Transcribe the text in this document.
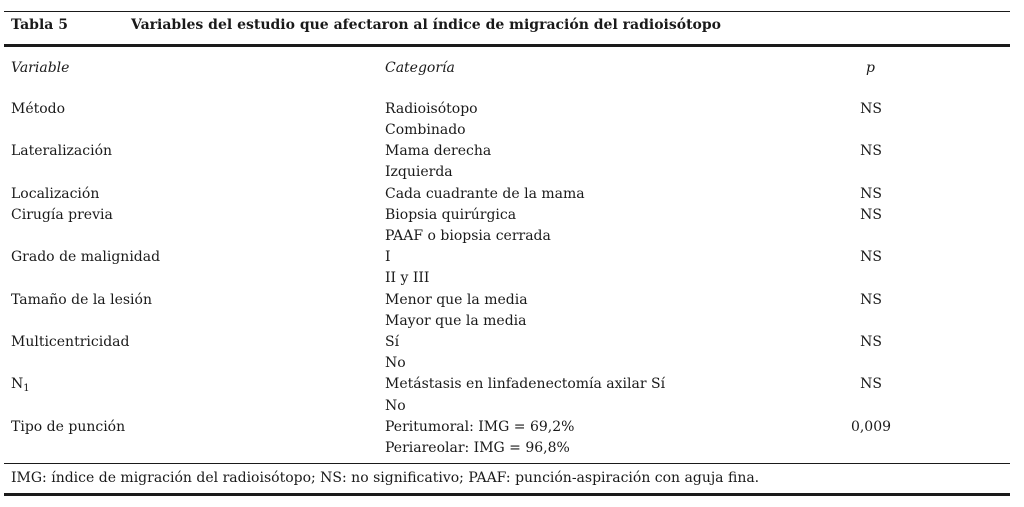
Tabla 5	Variables del estudio que afectaron al índice de migración del radioisótopo
Variable	Categoría	p
Método	Radioisótopo	NS
Combinado
Lateralización	Mama derecha	NS
Izquierda
Localización	Cada cuadrante de la mama	NS
Cirugía previa	Biopsia quirúrgica	NS
PAAF o biopsia cerrada
Grado de malignidad	I	NS
II y III
Tamaño de la lesión	Menor que la media	NS
Mayor que la media
Multicentricidad	Sí	NS
No
$N_1$	Metástasis en linfadenectomía axilar Sí	NS
No
Tipo de punción	Peritumoral: IMG = 69,2%	0,009
Periareolar: IMG = 96,8%
IMG: índice de migración del radioisótopo; NS: no significativo; PAAF: punción-aspiración con aguja fina.
